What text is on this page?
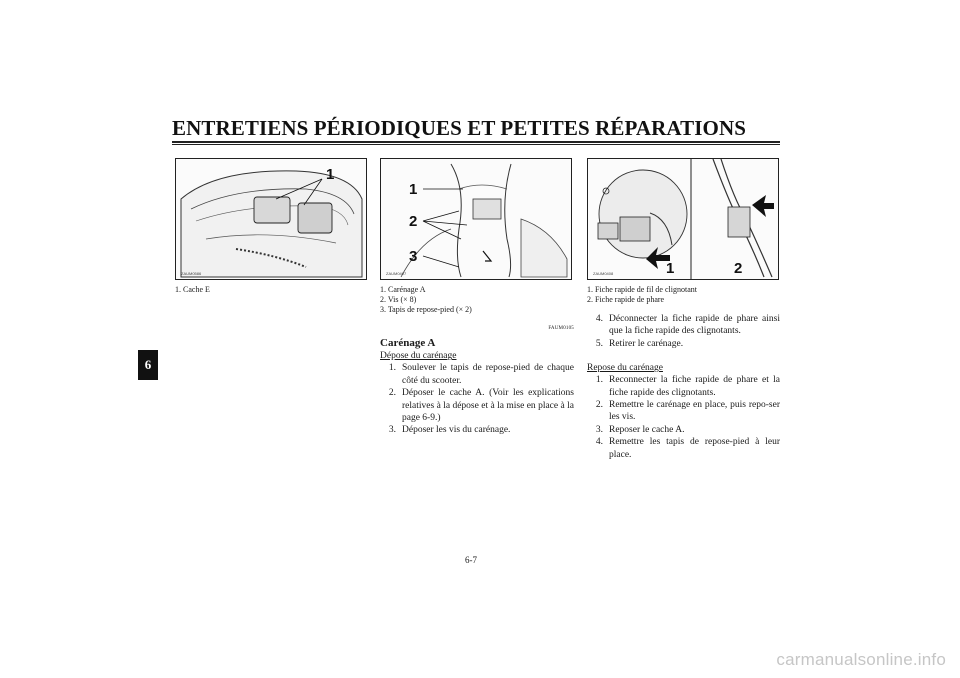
ENTRETIENS PÉRIODIQUES ET PETITES RÉPARATIONS
6
1
ZAUM0586
1
2
3
ZAUM0407	1	2
ZAUM0408
1. Cache E	1. Carénage A
2. Vis (× 8)
3. Tapis de repose-pied (× 2)
FAUM0105
Carénage A
Dépose du carénage
1. Soulever le tapis de repose-pied de chaque côté du scooter.
2. Déposer le cache A. (Voir les explications relatives à la dépose et à la mise en place à la page 6-9.)
3. Déposer les vis du carénage.
1. Fiche rapide de fil de clignotant
2. Fiche rapide de phare
4. Déconnecter la fiche rapide de phare ainsi que la fiche rapide des clignotants.
5. Retirer le carénage.
Repose du carénage
1. Reconnecter la fiche rapide de phare et la fiche rapide des clignotants.
2. Remettre le carénage en place, puis repo-ser les vis.
3. Reposer le cache A.
4. Remettre les tapis de repose-pied à leur place.
6-7
carmanualsonline.info
